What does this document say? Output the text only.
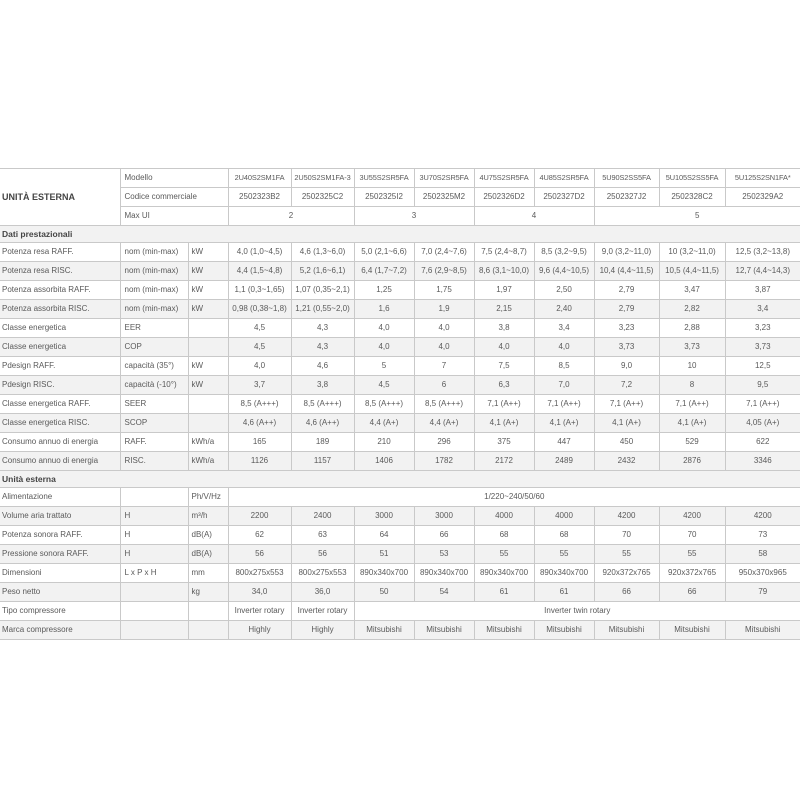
UNITÀ ESTERNA	Modello		2U40S2SM1FA	2U50S2SM1FA-3	3U55S2SR5FA	3U70S2SR5FA	4U75S2SR5FA	4U85S2SR5FA	5U90S2SS5FA	5U105S2SS5FA	5U125S2SN1FA*
	Codice commerciale		2502323B2	2502325C2	2502325I2	2502325M2	2502326D2	2502327D2	2502327J2	2502328C2	2502329A2
	Max UI		2		3		4		5		
Dati prestazionali											
Potenza resa RAFF.	nom (min-max)	kW	4,0 (1,0~4,5)	4,6 (1,3~6,0)	5,0 (2,1~6,6)	7,0 (2,4~7,6)	7,5 (2,4~8,7)	8,5 (3,2~9,5)	9,0 (3,2~11,0)	10 (3,2~11,0)	12,5 (3,2~13,8)
Potenza resa RISC.	nom (min-max)	kW	4,4 (1,5~4,8)	5,2 (1,6~6,1)	6,4 (1,7~7,2)	7,6 (2,9~8,5)	8,6 (3,1~10,0)	9,6 (4,4~10,5)	10,4 (4,4~11,5)	10,5 (4,4~11,5)	12,7 (4,4~14,3)
Potenza assorbita RAFF.	nom (min-max)	kW	1,1 (0,3~1,65)	1,07 (0,35~2,1)	1,25	1,75	1,97	2,50	2,79	3,47	3,87
Potenza assorbita RISC.	nom (min-max)	kW	0,98 (0,38~1,8)	1,21 (0,55~2,0)	1,6	1,9	2,15	2,40	2,79	2,82	3,4
Classe energetica	EER		4,5	4,3	4,0	4,0	3,8	3,4	3,23	2,88	3,23
Classe energetica	COP		4,5	4,3	4,0	4,0	4,0	4,0	3,73	3,73	3,73
Pdesign RAFF.	capacità (35°)	kW	4,0	4,6	5	7	7,5	8,5	9,0	10	12,5
Pdesign RISC.	capacità (-10°)	kW	3,7	3,8	4,5	6	6,3	7,0	7,2	8	9,5
Classe energetica RAFF.	SEER		8,5 (A+++)	8,5 (A+++)	8,5 (A+++)	8,5 (A+++)	7,1 (A++)	7,1 (A++)	7,1 (A++)	7,1 (A++)	7,1 (A++)
Classe energetica RISC.	SCOP		4,6 (A++)	4,6 (A++)	4,4 (A+)	4,4 (A+)	4,1 (A+)	4,1 (A+)	4,1 (A+)	4,1 (A+)	4,05 (A+)
Consumo annuo di energia	RAFF.	kWh/a	165	189	210	296	375	447	450	529	622
Consumo annuo di energia	RISC.	kWh/a	1126	1157	1406	1782	2172	2489	2432	2876	3346
Unità esterna											
Alimentazione		Ph/V/Hz	1/220~240/50/60								
Volume aria trattato	H	m³/h	2200	2400	3000	3000	4000	4000	4200	4200	4200
Potenza sonora RAFF.	H	dB(A)	62	63	64	66	68	68	70	70	73
Pressione sonora RAFF.	H	dB(A)	56	56	51	53	55	55	55	55	58
Dimensioni	L x P x H	mm	800x275x553	800x275x553	890x340x700	890x340x700	890x340x700	890x340x700	920x372x765	920x372x765	950x370x965
Peso netto		kg	34,0	36,0	50	54	61	61	66	66	79
Tipo compressore			Inverter rotary	Inverter rotary	Inverter twin rotary						
Marca compressore			Highly	Highly	Mitsubishi	Mitsubishi	Mitsubishi	Mitsubishi	Mitsubishi	Mitsubishi	Mitsubishi
